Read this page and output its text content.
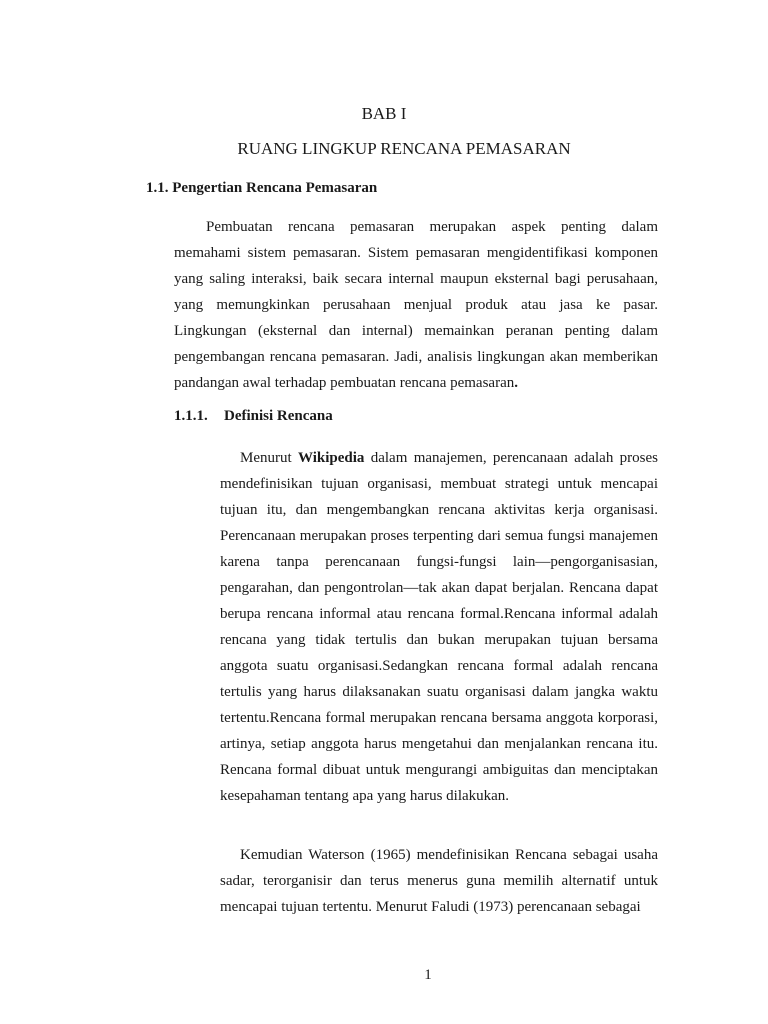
BAB I
RUANG LINGKUP RENCANA PEMASARAN
1.1. Pengertian Rencana Pemasaran

Pembuatan rencana pemasaran merupakan aspek penting dalam memahami sistem pemasaran. Sistem pemasaran mengidentifikasi komponen yang saling interaksi, baik secara internal maupun eksternal bagi perusahaan, yang memungkinkan perusahaan menjual produk atau jasa ke pasar. Lingkungan (eksternal dan internal) memainkan peranan penting dalam pengembangan rencana pemasaran. Jadi, analisis lingkungan akan memberikan pandangan awal terhadap pembuatan rencana pemasaran.

1.1.1. Definisi Rencana

Menurut Wikipedia dalam manajemen, perencanaan adalah proses mendefinisikan tujuan organisasi, membuat strategi untuk mencapai tujuan itu, dan mengembangkan rencana aktivitas kerja organisasi. Perencanaan merupakan proses terpenting dari semua fungsi manajemen karena tanpa perencanaan fungsi-fungsi lain—pengorganisasian, pengarahan, dan pengontrolan—tak akan dapat berjalan. Rencana dapat berupa rencana informal atau rencana formal.Rencana informal adalah rencana yang tidak tertulis dan bukan merupakan tujuan bersama anggota suatu organisasi.Sedangkan rencana formal adalah rencana tertulis yang harus dilaksanakan suatu organisasi dalam jangka waktu tertentu.Rencana formal merupakan rencana bersama anggota korporasi, artinya, setiap anggota harus mengetahui dan menjalankan rencana itu. Rencana formal dibuat untuk mengurangi ambiguitas dan menciptakan kesepahaman tentang apa yang harus dilakukan.

Kemudian Waterson (1965) mendefinisikan Rencana sebagai usaha sadar, terorganisir dan terus menerus guna memilih alternatif untuk mencapai tujuan tertentu. Menurut Faludi (1973) perencanaan sebagai

1
